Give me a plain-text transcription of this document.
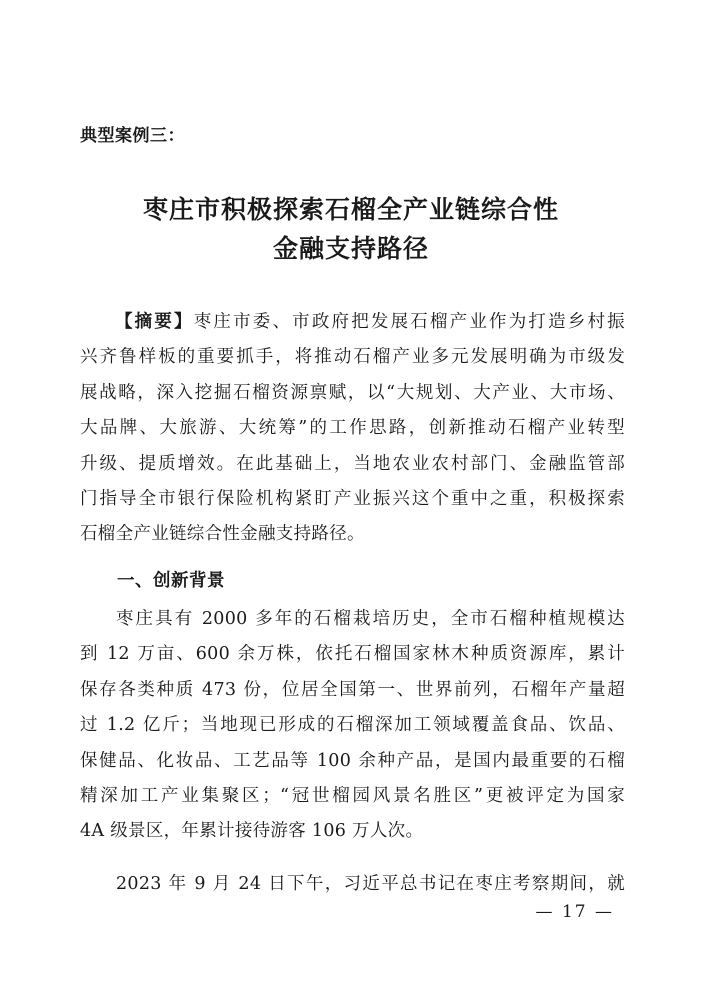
典型案例三：
枣庄市积极探索石榴全产业链综合性
金融支持路径
【摘要】枣庄市委、市政府把发展石榴产业作为打造乡村振
兴齐鲁样板的重要抓手，将推动石榴产业多元发展明确为市级发
展战略，深入挖掘石榴资源禀赋，以“大规划、大产业、大市场、
大品牌、大旅游、大统筹”的工作思路，创新推动石榴产业转型
升级、提质增效。在此基础上，当地农业农村部门、金融监管部
门指导全市银行保险机构紧盯产业振兴这个重中之重，积极探索
石榴全产业链综合性金融支持路径。
一、创新背景
枣庄具有 2000 多年的石榴栽培历史，全市石榴种植规模达
到 12 万亩、600 余万株，依托石榴国家林木种质资源库，累计
保存各类种质 473 份，位居全国第一、世界前列，石榴年产量超
过 1.2 亿斤；当地现已形成的石榴深加工领域覆盖食品、饮品、
保健品、化妆品、工艺品等 100 余种产品，是国内最重要的石榴
精深加工产业集聚区；“冠世榴园风景名胜区”更被评定为国家
4A 级景区，年累计接待游客 106 万人次。
2023 年 9 月 24 日下午，习近平总书记在枣庄考察期间，就
— 17 —
